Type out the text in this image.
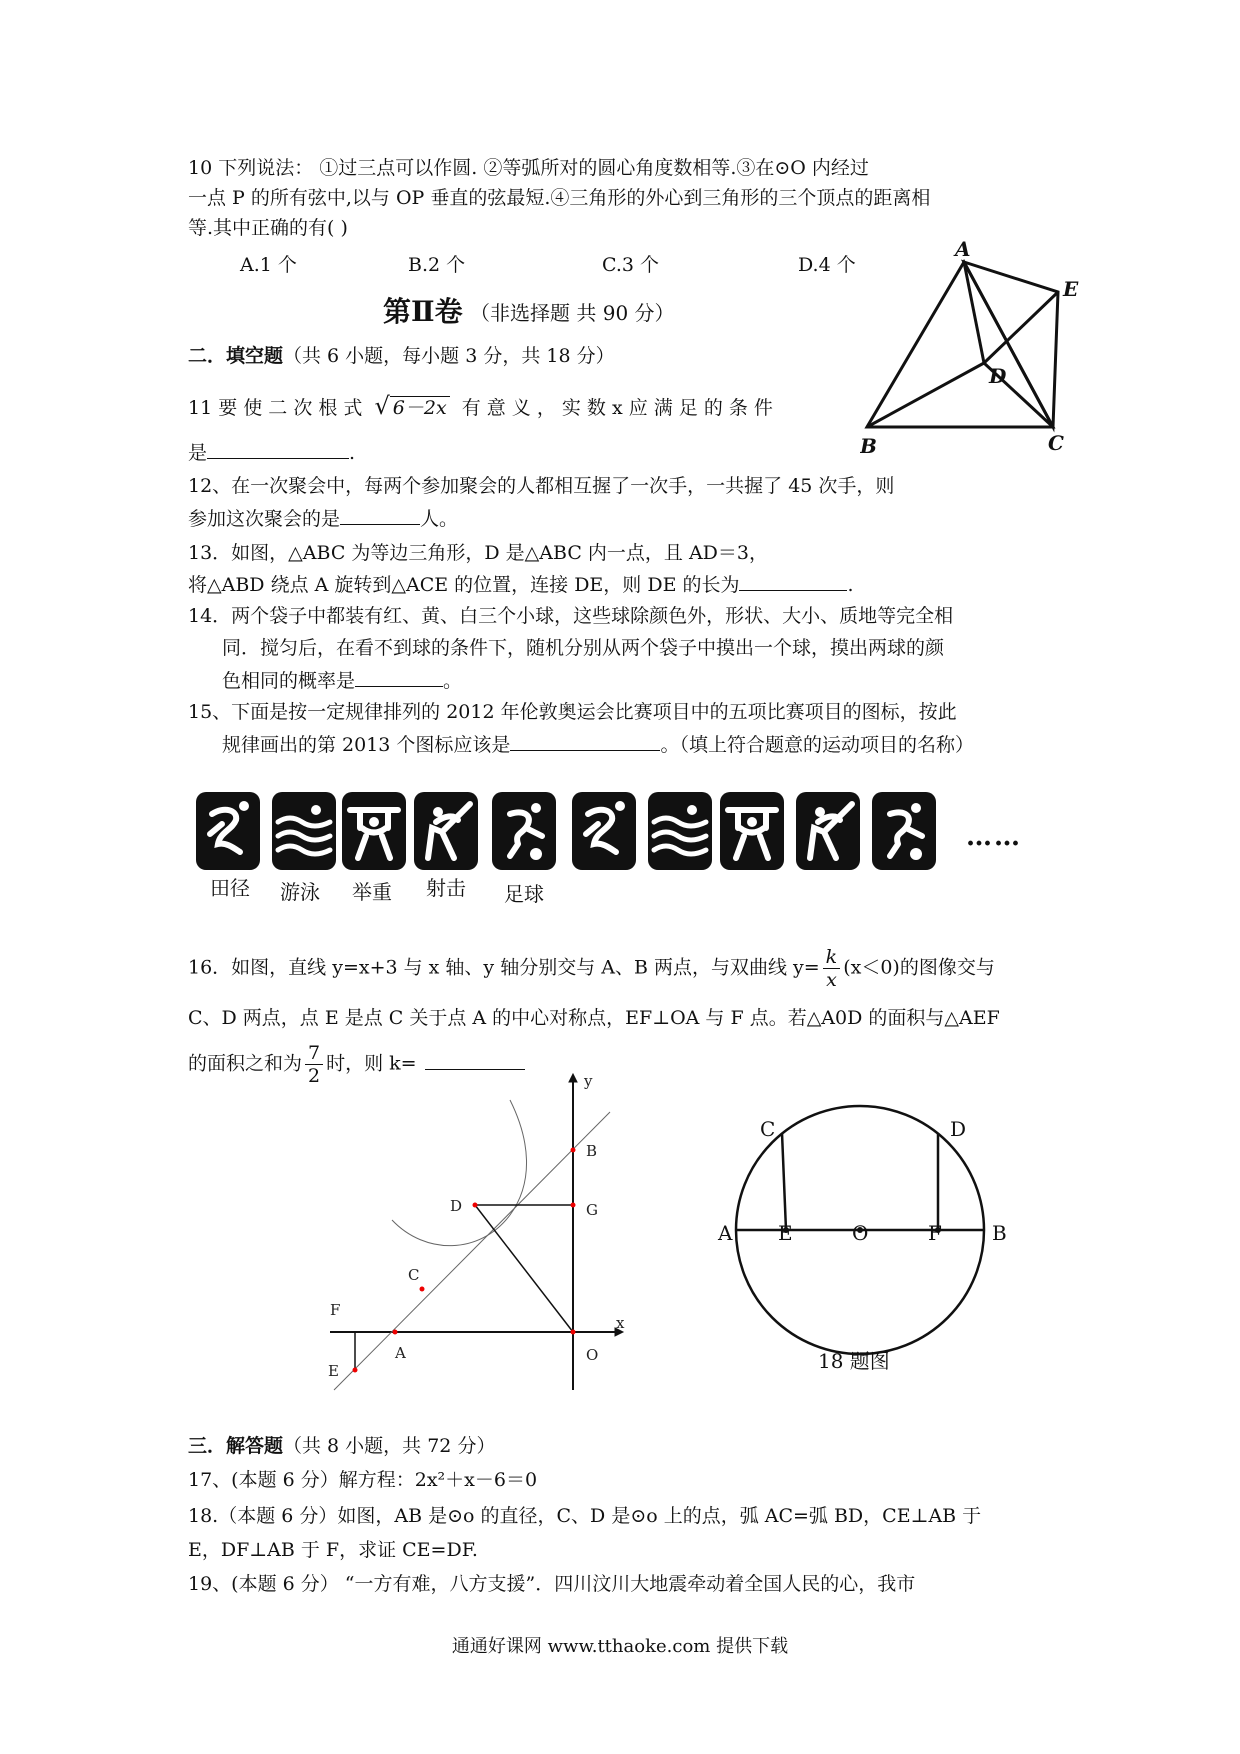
10 下列说法： ①过三点可以作圆. ②等弧所对的圆心角度数相等.③在⊙O 内经过
一点 P 的所有弦中,以与 OP 垂直的弦最短.④三角形的外心到三角形的三个顶点的距离相
等.其中正确的有( )
A.1 个	B.2 个	C.3 个	D.4 个
第Ⅱ卷 （非选择题 共 90 分）
二．填空题（共 6 小题，每小题 3 分，共 18 分）
A
E
D
B	C
11 要 使 二 次 根 式 √ 6－2x 有 意 义 ， 实 数 x 应 满 足 的 条 件
是	.
12、在一次聚会中，每两个参加聚会的人都相互握了一次手，一共握了 45 次手，则
参加这次聚会的是	人。
13．如图，△ABC 为等边三角形，D 是△ABC 内一点，且 AD＝3，
将△ABD 绕点 A 旋转到△ACE 的位置，连接 DE，则 DE 的长为	.
14．两个袋子中都装有红、黄、白三个小球，这些球除颜色外，形状、大小、质地等完全相
同．搅匀后，在看不到球的条件下，随机分别从两个袋子中摸出一个球，摸出两球的颜
色相同的概率是	。
15、下面是按一定规律排列的 2012 年伦敦奥运会比赛项目中的五项比赛项目的图标，按此
规律画出的第 2013 个图标应该是	。（填上符合题意的运动项目的名称）
……
田径 游泳 举重 射击 足球
16．如图，直线 y=x+3 与 x 轴、y 轴分别交与 A、B 两点，与双曲线 $y= \frac{k}{x} (x<0)$的图像交与
C、D 两点，点 E 是点 C 关于点 A 的中心对称点，EF⊥OA 与 F 点。若△A0D 的面积与△AEF
的面积之和为 $\frac{7}{2}$ 时，则 k=
y
B
D	G
C
F
A	O
x
E
C	D
A E	O	F	B
18 题图
三．解答题（共 8 小题，共 72 分）
17、(本题 6 分）解方程：2x²＋x－6＝0
18.（本题 6 分）如图，AB 是⊙o 的直径，C、D 是⊙o 上的点，弧 AC=弧 BD，CE⊥AB 于
E，DF⊥AB 于 F，求证 CE=DF.
19、(本题 6 分） “一方有难，八方支援”．四川汶川大地震牵动着全国人民的心，我市
通通好课网 www.tthaoke.com 提供下载
